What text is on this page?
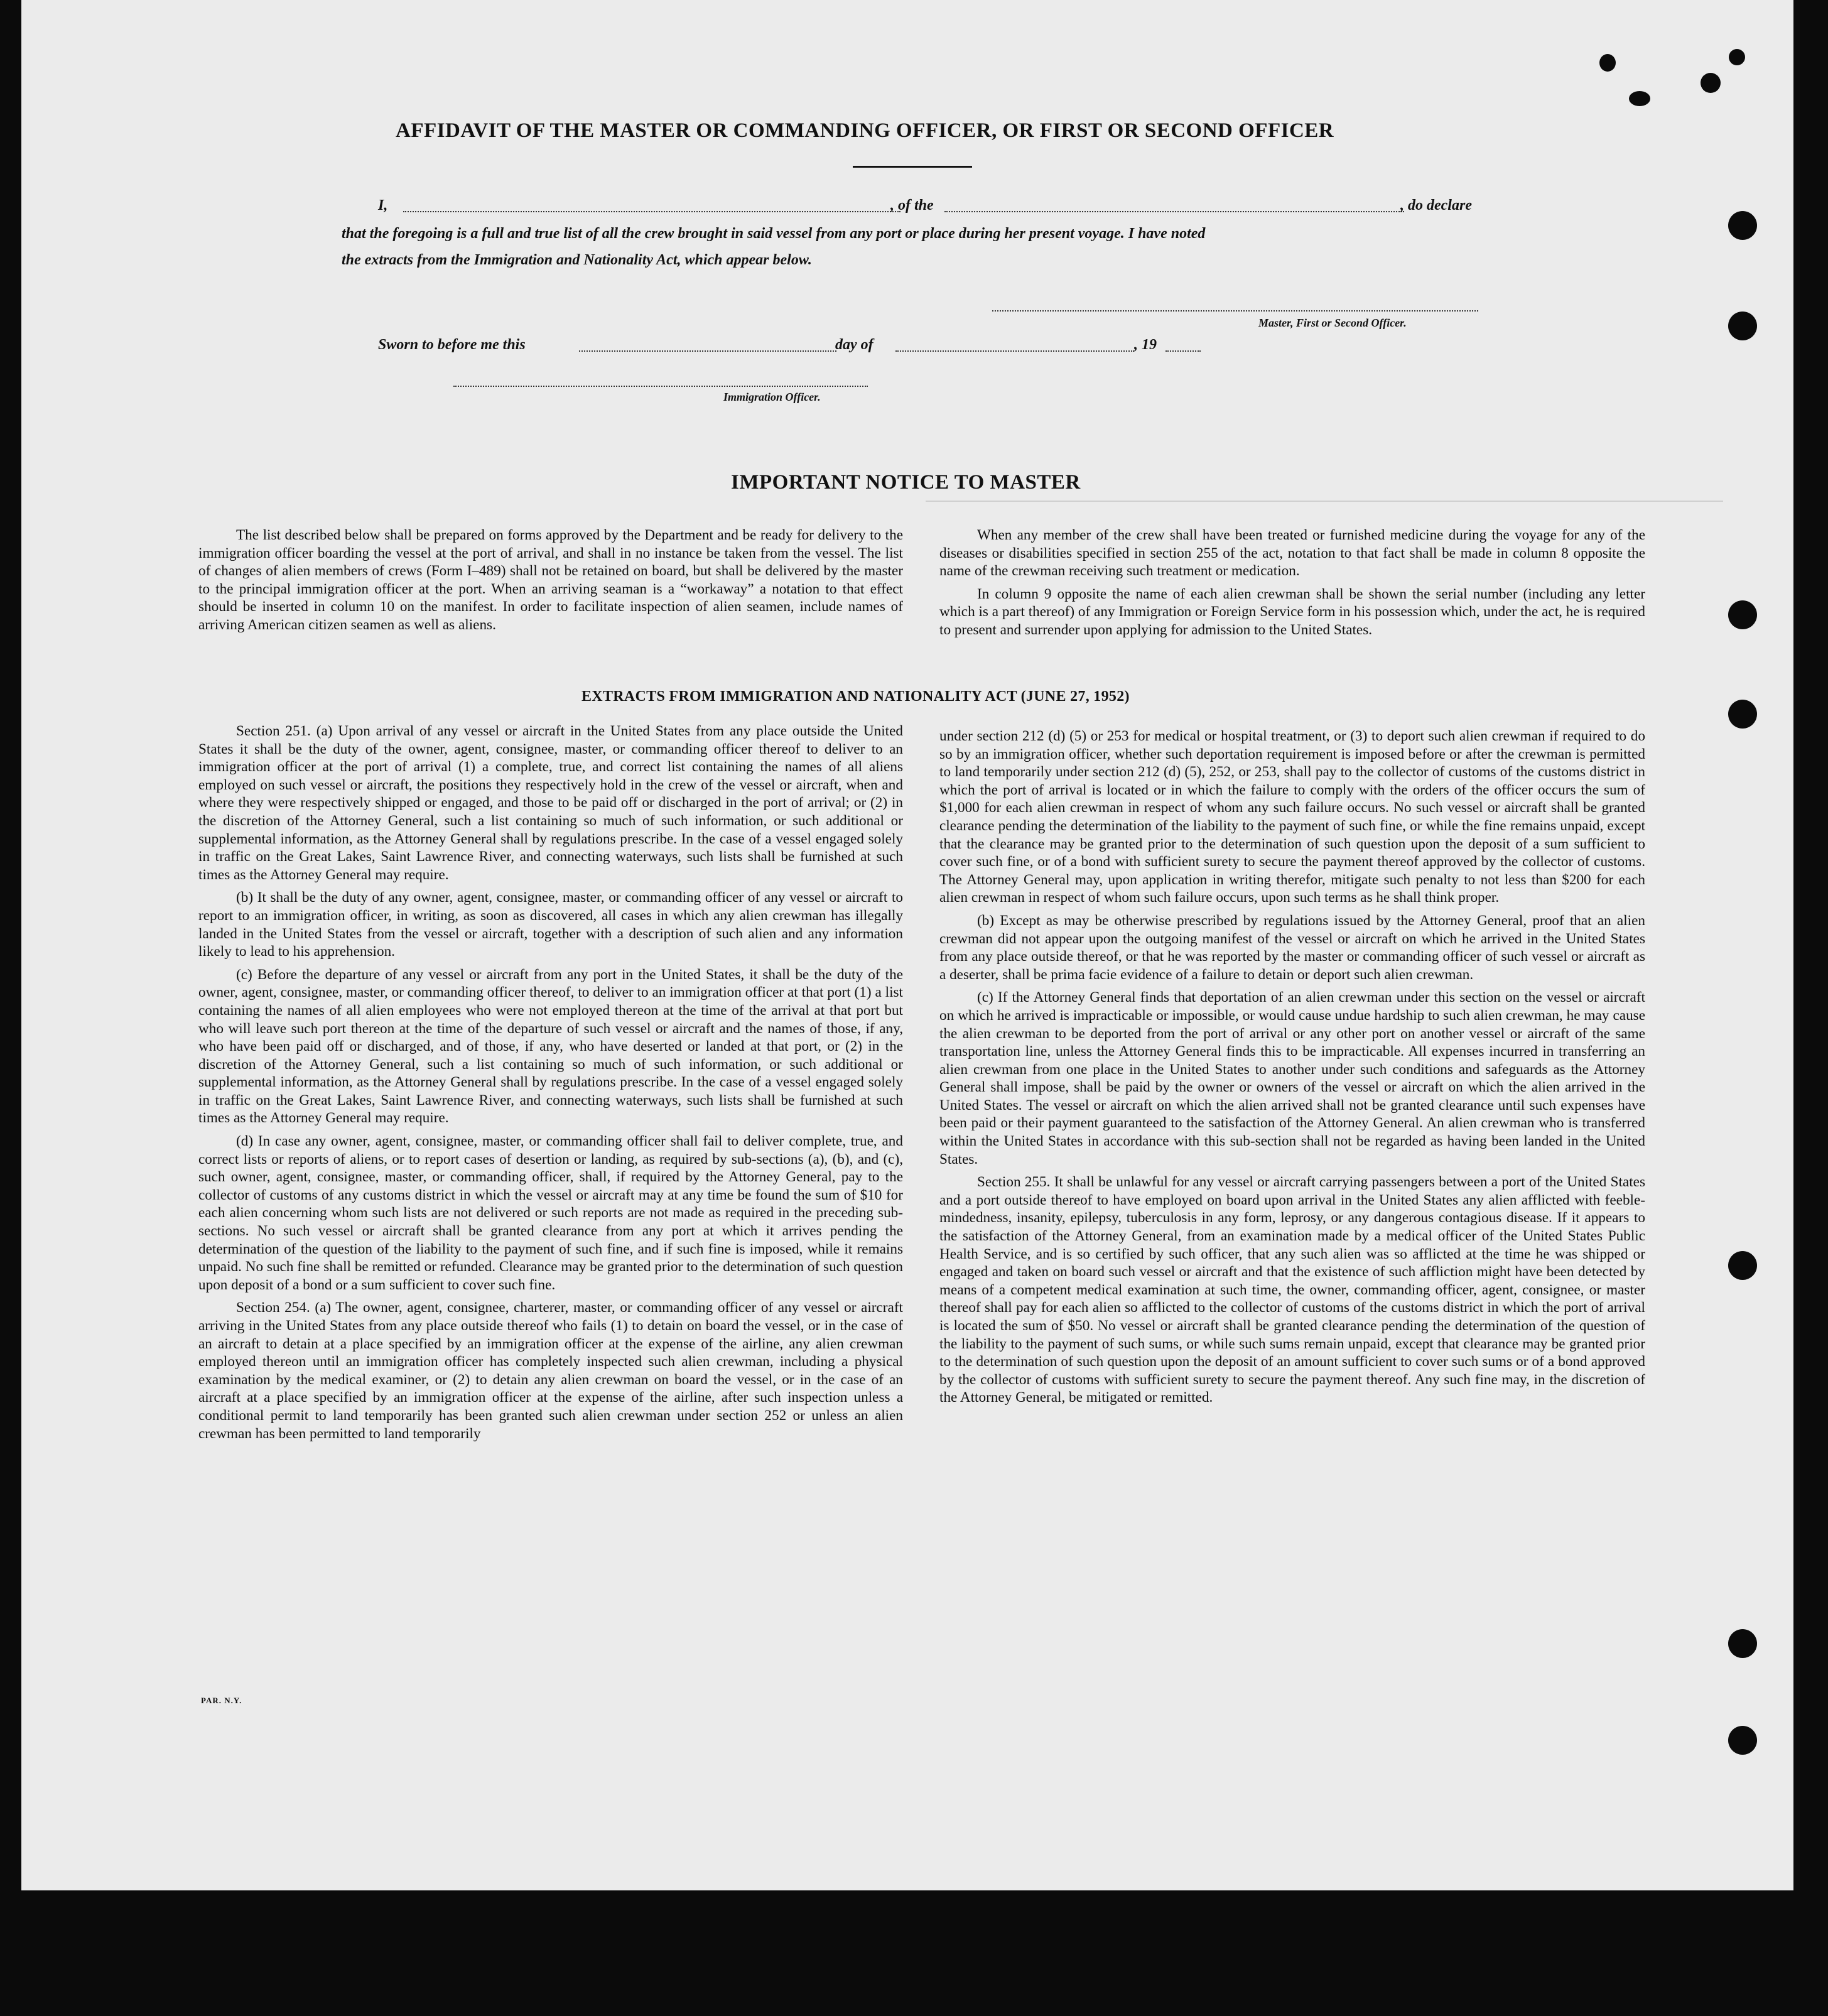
AFFIDAVIT OF THE MASTER OR COMMANDING OFFICER, OR FIRST OR SECOND OFFICER
I,	, of the	, do declare
that the foregoing is a full and true list of all the crew brought in said vessel from any port or place during her present voyage. I have noted
the extracts from the Immigration and Nationality Act, which appear below.
Master, First or Second Officer.
Sworn to before me this	day of	, 19
Immigration Officer.
IMPORTANT NOTICE TO MASTER

The list described below shall be prepared on forms approved by the Department and be ready for delivery to the immigration officer boarding the vessel at the port of arrival, and shall in no instance be taken from the vessel. The list of changes of alien members of crews (Form I–489) shall not be retained on board, but shall be delivered by the master to the principal immigration officer at the port. When an arriving seaman is a “workaway” a notation to that effect should be inserted in column 10 on the manifest. In order to facilitate inspection of alien seamen, include names of arriving American citizen seamen as well as aliens.

When any member of the crew shall have been treated or furnished medicine during the voyage for any of the diseases or disabilities specified in section 255 of the act, notation to that fact shall be made in column 8 opposite the name of the crewman receiving such treatment or medication.

In column 9 opposite the name of each alien crewman shall be shown the serial number (including any letter which is a part thereof) of any Immigration or Foreign Service form in his possession which, under the act, he is required to present and surrender upon applying for admission to the United States.

EXTRACTS FROM IMMIGRATION AND NATIONALITY ACT (JUNE 27, 1952)

Section 251. (a) Upon arrival of any vessel or aircraft in the United States from any place outside the United States it shall be the duty of the owner, agent, consignee, master, or commanding officer thereof to deliver to an immigration officer at the port of arrival (1) a complete, true, and correct list containing the names of all aliens employed on such vessel or aircraft, the positions they respectively hold in the crew of the vessel or aircraft, when and where they were respectively shipped or engaged, and those to be paid off or discharged in the port of arrival; or (2) in the discretion of the Attorney General, such a list containing so much of such information, or such additional or supplemental information, as the Attorney General shall by regulations prescribe. In the case of a vessel engaged solely in traffic on the Great Lakes, Saint Lawrence River, and connecting waterways, such lists shall be furnished at such times as the Attorney General may require.

(b) It shall be the duty of any owner, agent, consignee, master, or commanding officer of any vessel or aircraft to report to an immigration officer, in writing, as soon as discovered, all cases in which any alien crewman has illegally landed in the United States from the vessel or aircraft, together with a description of such alien and any information likely to lead to his apprehension.

(c) Before the departure of any vessel or aircraft from any port in the United States, it shall be the duty of the owner, agent, consignee, master, or commanding officer thereof, to deliver to an immigration officer at that port (1) a list containing the names of all alien employees who were not employed thereon at the time of the arrival at that port but who will leave such port thereon at the time of the departure of such vessel or aircraft and the names of those, if any, who have been paid off or discharged, and of those, if any, who have deserted or landed at that port, or (2) in the discretion of the Attorney General, such a list containing so much of such information, or such additional or supplemental information, as the Attorney General shall by regulations prescribe. In the case of a vessel engaged solely in traffic on the Great Lakes, Saint Lawrence River, and connecting waterways, such lists shall be furnished at such times as the Attorney General may require.

(d) In case any owner, agent, consignee, master, or commanding officer shall fail to deliver complete, true, and correct lists or reports of aliens, or to report cases of desertion or landing, as required by sub-sections (a), (b), and (c), such owner, agent, consignee, master, or commanding officer, shall, if required by the Attorney General, pay to the collector of customs of any customs district in which the vessel or aircraft may at any time be found the sum of $10 for each alien concerning whom such lists are not delivered or such reports are not made as required in the preceding sub-sections. No such vessel or aircraft shall be granted clearance from any port at which it arrives pending the determination of the question of the liability to the payment of such fine, and if such fine is imposed, while it remains unpaid. No such fine shall be remitted or refunded. Clearance may be granted prior to the determination of such question upon deposit of a bond or a sum sufficient to cover such fine.

Section 254. (a) The owner, agent, consignee, charterer, master, or commanding officer of any vessel or aircraft arriving in the United States from any place outside thereof who fails (1) to detain on board the vessel, or in the case of an aircraft to detain at a place specified by an immigration officer at the expense of the airline, any alien crewman employed thereon until an immigration officer has completely inspected such alien crewman, including a physical examination by the medical examiner, or (2) to detain any alien crewman on board the vessel, or in the case of an aircraft at a place specified by an immigration officer at the expense of the airline, after such inspection unless a conditional permit to land temporarily has been granted such alien crewman under section 252 or unless an alien crewman has been permitted to land temporarily

under section 212 (d) (5) or 253 for medical or hospital treatment, or (3) to deport such alien crewman if required to do so by an immigration officer, whether such deportation requirement is imposed before or after the crewman is permitted to land temporarily under section 212 (d) (5), 252, or 253, shall pay to the collector of customs of the customs district in which the port of arrival is located or in which the failure to comply with the orders of the officer occurs the sum of $1,000 for each alien crewman in respect of whom any such failure occurs. No such vessel or aircraft shall be granted clearance pending the determination of the liability to the payment of such fine, or while the fine remains unpaid, except that the clearance may be granted prior to the determination of such question upon the deposit of a sum sufficient to cover such fine, or of a bond with sufficient surety to secure the payment thereof approved by the collector of customs. The Attorney General may, upon application in writing therefor, mitigate such penalty to not less than $200 for each alien crewman in respect of whom such failure occurs, upon such terms as he shall think proper.

(b) Except as may be otherwise prescribed by regulations issued by the Attorney General, proof that an alien crewman did not appear upon the outgoing manifest of the vessel or aircraft on which he arrived in the United States from any place outside thereof, or that he was reported by the master or commanding officer of such vessel or aircraft as a deserter, shall be prima facie evidence of a failure to detain or deport such alien crewman.

(c) If the Attorney General finds that deportation of an alien crewman under this section on the vessel or aircraft on which he arrived is impracticable or impossible, or would cause undue hardship to such alien crewman, he may cause the alien crewman to be deported from the port of arrival or any other port on another vessel or aircraft of the same transportation line, unless the Attorney General finds this to be impracticable. All expenses incurred in transferring an alien crewman from one place in the United States to another under such conditions and safeguards as the Attorney General shall impose, shall be paid by the owner or owners of the vessel or aircraft on which the alien arrived in the United States. The vessel or aircraft on which the alien arrived shall not be granted clearance until such expenses have been paid or their payment guaranteed to the satisfaction of the Attorney General. An alien crewman who is transferred within the United States in accordance with this sub-section shall not be regarded as having been landed in the United States.

Section 255. It shall be unlawful for any vessel or aircraft carrying passengers between a port of the United States and a port outside thereof to have employed on board upon arrival in the United States any alien afflicted with feeble-mindedness, insanity, epilepsy, tuberculosis in any form, leprosy, or any dangerous contagious disease. If it appears to the satisfaction of the Attorney General, from an examination made by a medical officer of the United States Public Health Service, and is so certified by such officer, that any such alien was so afflicted at the time he was shipped or engaged and taken on board such vessel or aircraft and that the existence of such affliction might have been detected by means of a competent medical examination at such time, the owner, commanding officer, agent, consignee, or master thereof shall pay for each alien so afflicted to the collector of customs of the customs district in which the port of arrival is located the sum of $50. No vessel or aircraft shall be granted clearance pending the determination of the question of the liability to the payment of such sums, or while such sums remain unpaid, except that clearance may be granted prior to the determination of such question upon the deposit of an amount sufficient to cover such sums or of a bond approved by the collector of customs with sufficient surety to secure the payment thereof. Any such fine may, in the discretion of the Attorney General, be mitigated or remitted.

PAR. N.Y.
